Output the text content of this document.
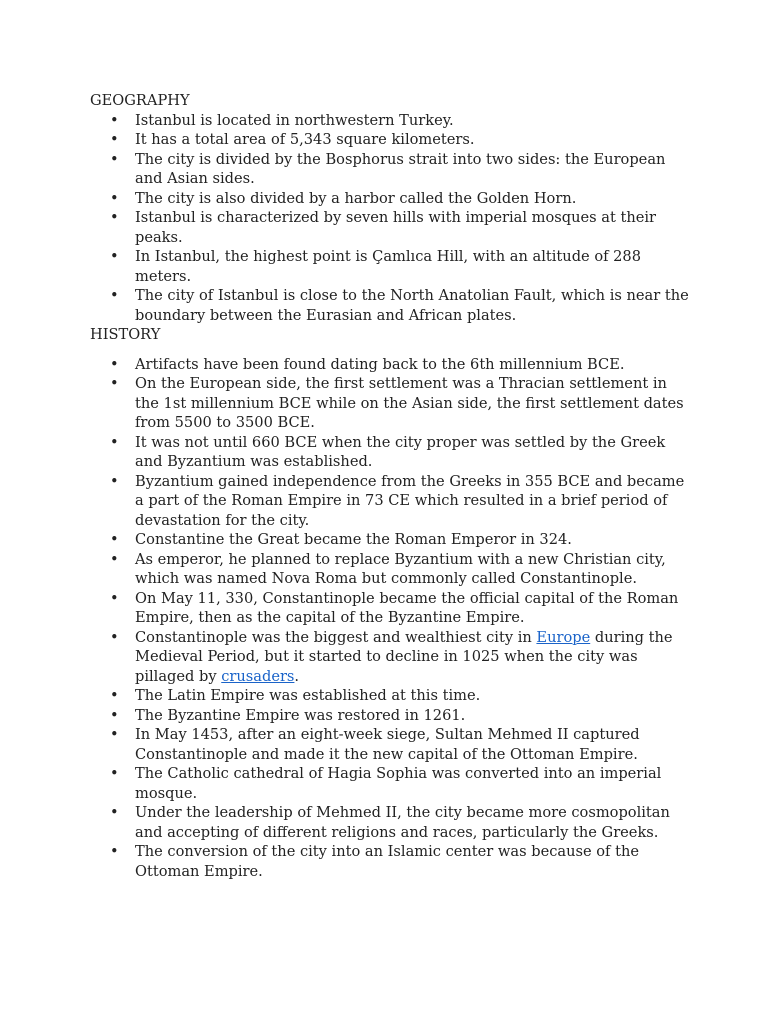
GEOGRAPHY
• Istanbul is located in northwestern Turkey.
• It has a total area of 5,343 square kilometers.
• The city is divided by the Bosphorus strait into two sides: the European and Asian sides.
• The city is also divided by a harbor called the Golden Horn.
• Istanbul is characterized by seven hills with imperial mosques at their peaks.
• In Istanbul, the highest point is Çamlıca Hill, with an altitude of 288 meters.
• The city of Istanbul is close to the North Anatolian Fault, which is near the boundary between the Eurasian and African plates.
HISTORY
• Artifacts have been found dating back to the 6th millennium BCE.
• On the European side, the first settlement was a Thracian settlement in the 1st millennium BCE while on the Asian side, the first settlement dates from 5500 to 3500 BCE.
• It was not until 660 BCE when the city proper was settled by the Greek and Byzantium was established.
• Byzantium gained independence from the Greeks in 355 BCE and became a part of the Roman Empire in 73 CE which resulted in a brief period of devastation for the city.
• Constantine the Great became the Roman Emperor in 324.
• As emperor, he planned to replace Byzantium with a new Christian city, which was named Nova Roma but commonly called Constantinople.
• On May 11, 330, Constantinople became the official capital of the Roman Empire, then as the capital of the Byzantine Empire.
• Constantinople was the biggest and wealthiest city in Europe during the Medieval Period, but it started to decline in 1025 when the city was pillaged by crusaders.
• The Latin Empire was established at this time.
• The Byzantine Empire was restored in 1261.
• In May 1453, after an eight-week siege, Sultan Mehmed II captured Constantinople and made it the new capital of the Ottoman Empire.
• The Catholic cathedral of Hagia Sophia was converted into an imperial mosque.
• Under the leadership of Mehmed II, the city became more cosmopolitan and accepting of different religions and races, particularly the Greeks.
• The conversion of the city into an Islamic center was because of the Ottoman Empire.
